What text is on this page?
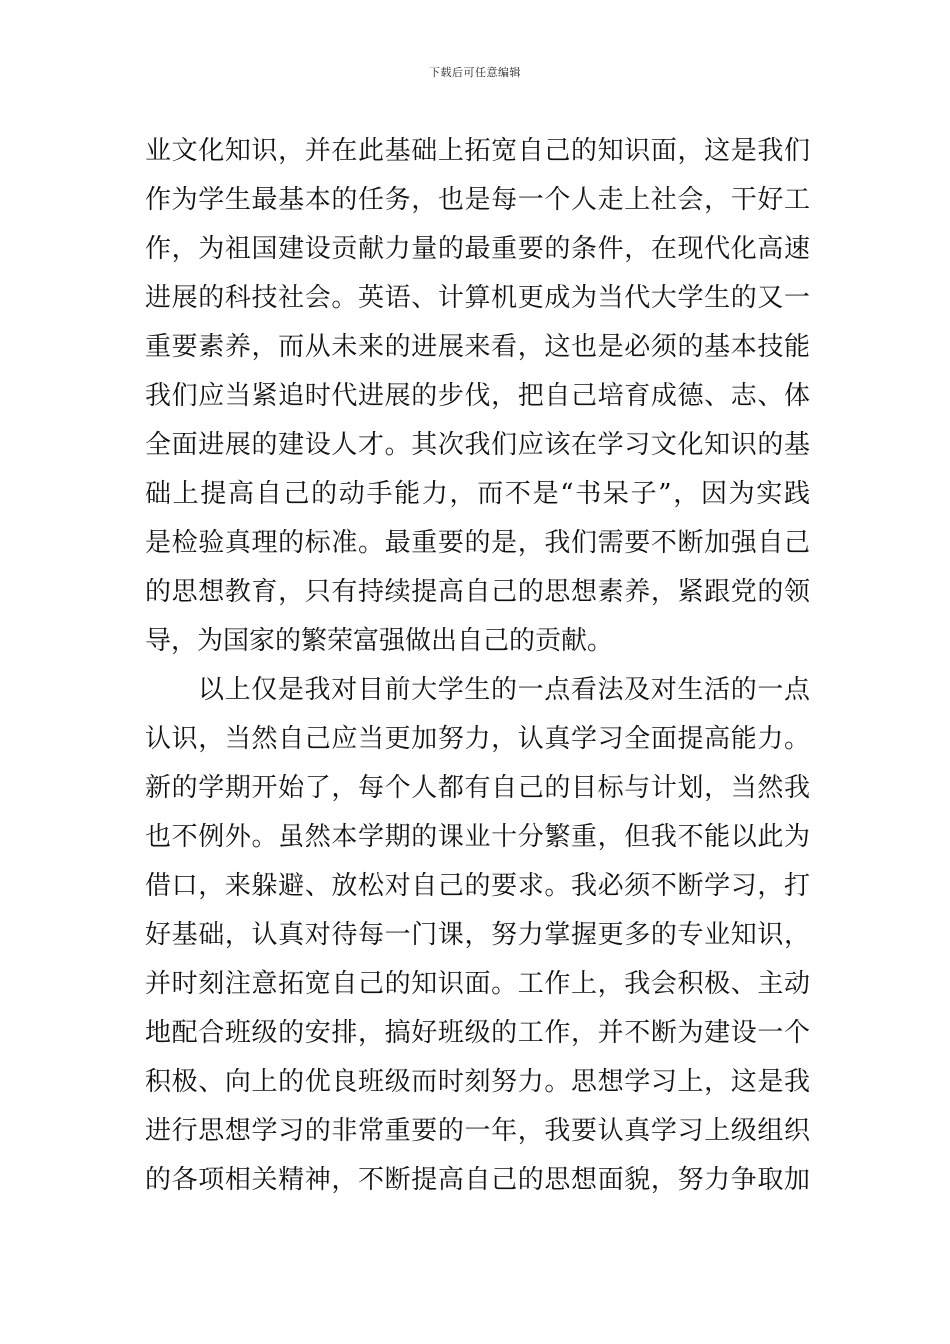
下载后可任意编辑
业文化知识，并在此基础上拓宽自己的知识面，这是我们
作为学生最基本的任务，也是每一个人走上社会，干好工
作，为祖国建设贡献力量的最重要的条件，在现代化高速
进展的科技社会。英语、计算机更成为当代大学生的又一
重要素养，而从未来的进展来看，这也是必须的基本技能
我们应当紧追时代进展的步伐，把自己培育成德、志、体
全面进展的建设人才。其次我们应该在学习文化知识的基
础上提高自己的动手能力，而不是“书呆子”，因为实践
是检验真理的标准。最重要的是，我们需要不断加强自己
的思想教育，只有持续提高自己的思想素养，紧跟党的领
导，为国家的繁荣富强做出自己的贡献。
以上仅是我对目前大学生的一点看法及对生活的一点
认识，当然自己应当更加努力，认真学习全面提高能力。
新的学期开始了，每个人都有自己的目标与计划，当然我
也不例外。虽然本学期的课业十分繁重，但我不能以此为
借口，来躲避、放松对自己的要求。我必须不断学习，打
好基础，认真对待每一门课，努力掌握更多的专业知识，
并时刻注意拓宽自己的知识面。工作上，我会积极、主动
地配合班级的安排，搞好班级的工作，并不断为建设一个
积极、向上的优良班级而时刻努力。思想学习上，这是我
进行思想学习的非常重要的一年，我要认真学习上级组织
的各项相关精神，不断提高自己的思想面貌，努力争取加
